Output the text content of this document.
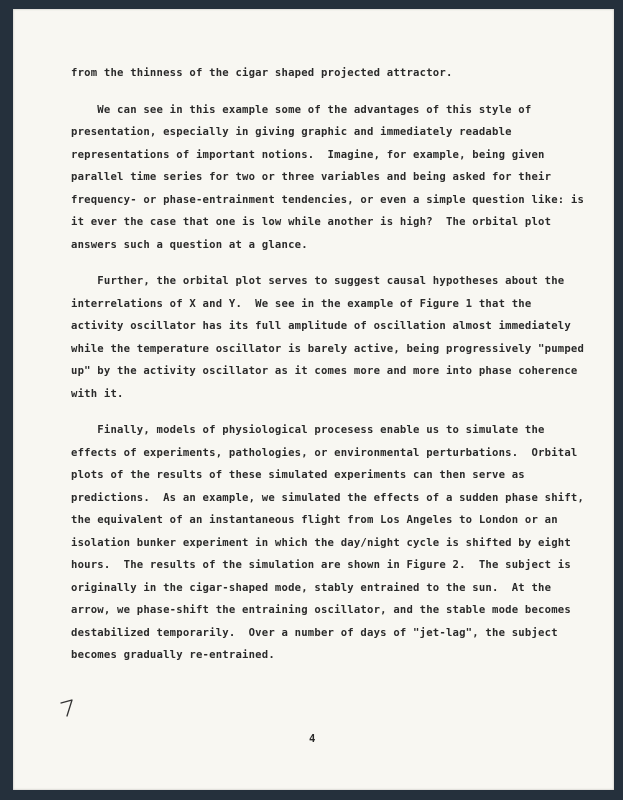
from the thinness of the cigar shaped projected attractor.
We can see in this example some of the advantages of this style of
presentation, especially in giving graphic and immediately readable
representations of important notions.  Imagine, for example, being given
parallel time series for two or three variables and being asked for their
frequency- or phase-entrainment tendencies, or even a simple question like: is
it ever the case that one is low while another is high?  The orbital plot
answers such a question at a glance.
Further, the orbital plot serves to suggest causal hypotheses about the
interrelations of X and Y.  We see in the example of Figure 1 that the
activity oscillator has its full amplitude of oscillation almost immediately
while the temperature oscillator is barely active, being progressively "pumped
up" by the activity oscillator as it comes more and more into phase coherence
with it.
Finally, models of physiological procesess enable us to simulate the
effects of experiments, pathologies, or environmental perturbations.  Orbital
plots of the results of these simulated experiments can then serve as
predictions.  As an example, we simulated the effects of a sudden phase shift,
the equivalent of an instantaneous flight from Los Angeles to London or an
isolation bunker experiment in which the day/night cycle is shifted by eight
hours.  The results of the simulation are shown in Figure 2.  The subject is
originally in the cigar-shaped mode, stably entrained to the sun.  At the
arrow, we phase-shift the entraining oscillator, and the stable mode becomes
destabilized temporarily.  Over a number of days of "jet-lag", the subject
becomes gradually re-entrained.
4
